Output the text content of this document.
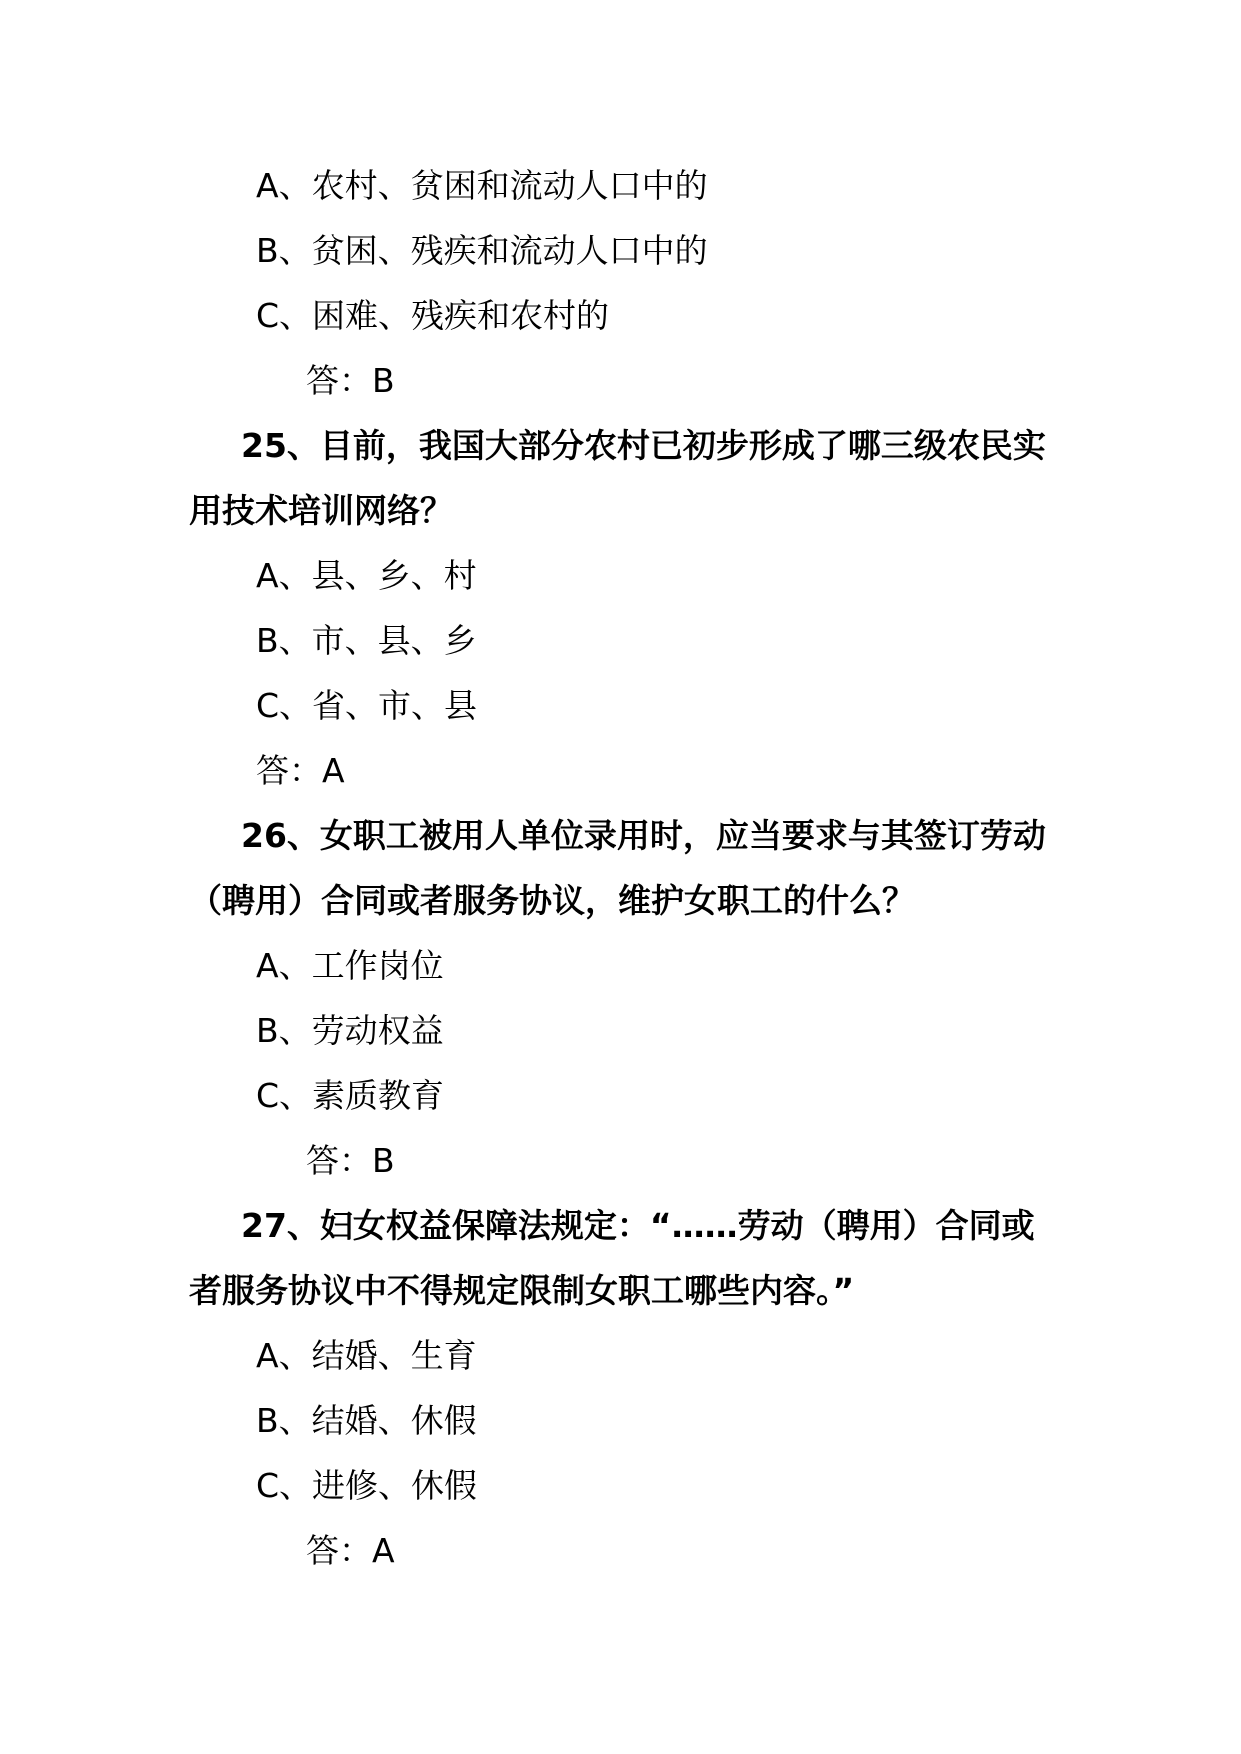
A、农村、贫困和流动人口中的
B、贫困、残疾和流动人口中的
C、困难、残疾和农村的
答：B
25、目前，我国大部分农村已初步形成了哪三级农民实
用技术培训网络？
A、县、乡、村
B、市、县、乡
C、省、市、县
答：A
26、女职工被用人单位录用时，应当要求与其签订劳动
（聘用）合同或者服务协议，维护女职工的什么？
A、工作岗位
B、劳动权益
C、素质教育
答：B
27、妇女权益保障法规定：“……劳动（聘用）合同或
者服务协议中不得规定限制女职工哪些内容。”
A、结婚、生育
B、结婚、休假
C、进修、休假
答：A
